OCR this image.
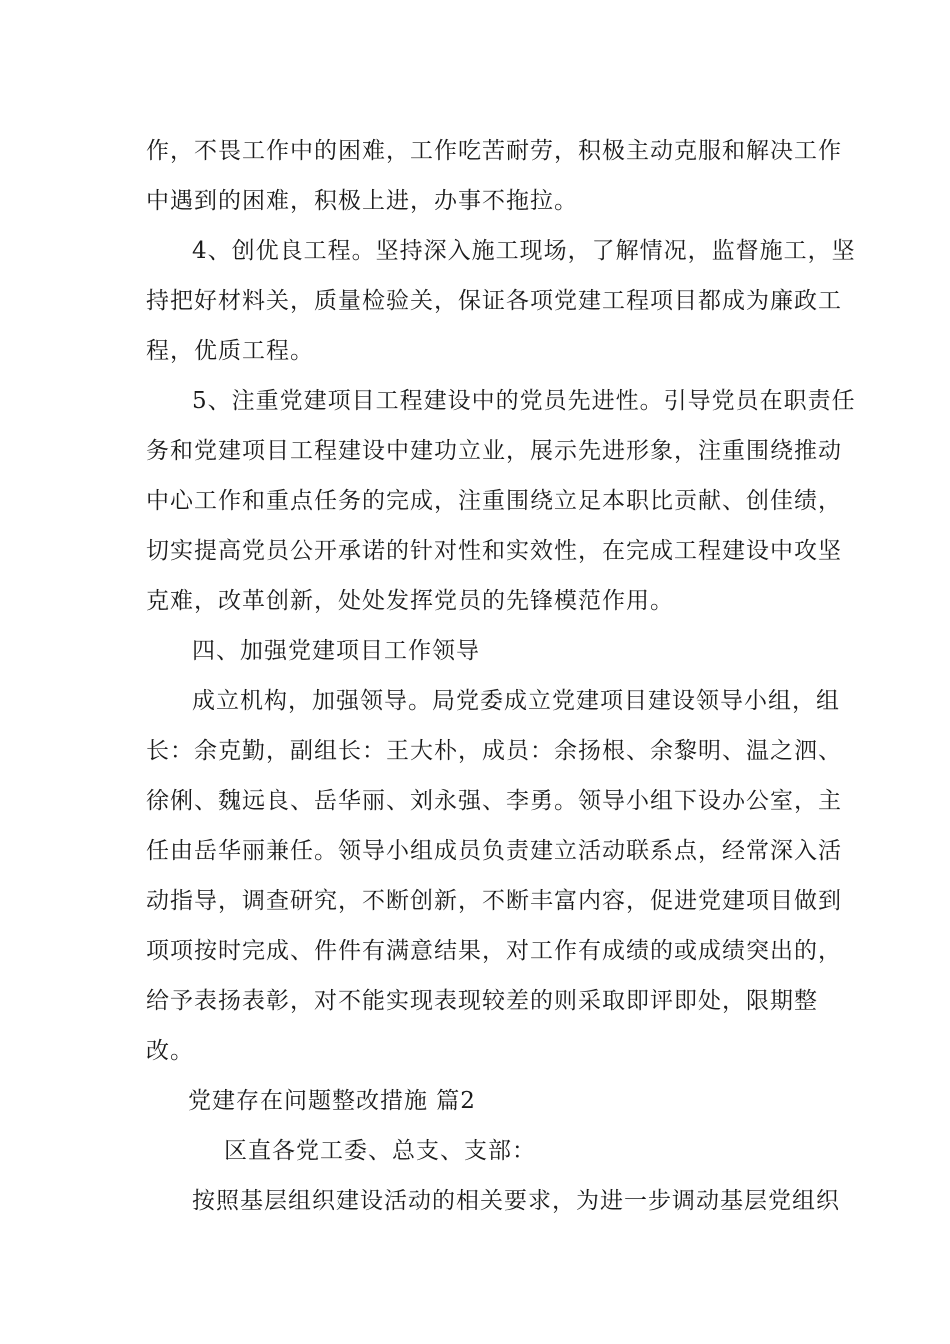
作，不畏工作中的困难，工作吃苦耐劳，积极主动克服和解决工作
中遇到的困难，积极上进，办事不拖拉。
4、创优良工程。坚持深入施工现场，了解情况，监督施工，坚
持把好材料关，质量检验关，保证各项党建工程项目都成为廉政工
程，优质工程。
5、注重党建项目工程建设中的党员先进性。引导党员在职责任
务和党建项目工程建设中建功立业，展示先进形象，注重围绕推动
中心工作和重点任务的完成，注重围绕立足本职比贡献、创佳绩，
切实提高党员公开承诺的针对性和实效性，在完成工程建设中攻坚
克难，改革创新，处处发挥党员的先锋模范作用。
四、加强党建项目工作领导
成立机构，加强领导。局党委成立党建项目建设领导小组，组
长：余克勤，副组长：王大朴，成员：余扬根、余黎明、温之泗、
徐俐、魏远良、岳华丽、刘永强、李勇。领导小组下设办公室，主
任由岳华丽兼任。领导小组成员负责建立活动联系点，经常深入活
动指导，调查研究，不断创新，不断丰富内容，促进党建项目做到
项项按时完成、件件有满意结果，对工作有成绩的或成绩突出的，
给予表扬表彰，对不能实现表现较差的则采取即评即处，限期整
改。
党建存在问题整改措施 篇2
区直各党工委、总支、支部：
按照基层组织建设活动的相关要求，为进一步调动基层党组织
